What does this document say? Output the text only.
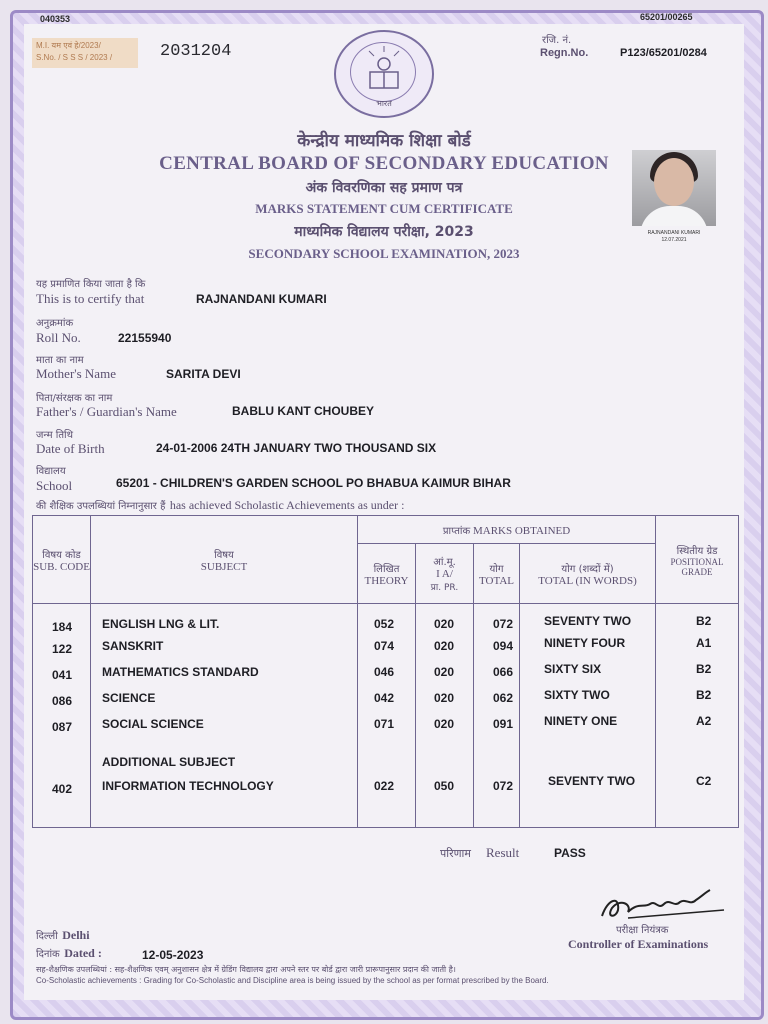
040353	65201/00265
M.I. यम एवं हे/2023/
S.No. / S S S / 2023 /	2031204
रजि. नं.
Regn.No.	P123/65201/0284
भारत
केन्द्रीय माध्यमिक शिक्षा बोर्ड
CENTRAL BOARD OF SECONDARY EDUCATION
अंक विवरणिका सह प्रमाण पत्र
MARKS STATEMENT CUM CERTIFICATE
माध्यमिक विद्यालय परीक्षा, 2023
SECONDARY SCHOOL EXAMINATION, 2023
RAJNANDANI KUMARI
12.07.2021
यह प्रमाणित किया जाता है कि
This is to certify that	RAJNANDANI KUMARI
अनुक्रमांक
Roll No.	22155940
माता का नाम
Mother's Name	SARITA DEVI
पिता/संरक्षक का नाम
Father's / Guardian's Name	BABLU KANT CHOUBEY
जन्म तिथि
Date of Birth	24-01-2006 24TH JANUARY TWO THOUSAND SIX
विद्यालय
School	65201 - CHILDREN'S GARDEN SCHOOL PO BHABUA KAIMUR BIHAR
की शैक्षिक उपलब्धियां निम्नानुसार हैं has achieved Scholastic Achievements as under :
विषय कोड
SUB. CODE	विषय
SUBJECT	प्राप्तांक MARKS OBTAINED				स्थितीय ग्रेड
POSITIONAL GRADE

		लिखित
THEORY	आं.मू.
I A/
प्रा. PR.	योग
TOTAL	योग (शब्दों में)
TOTAL (IN WORDS)	

184 ENGLISH LNG & LIT.	052	020	072	SEVENTY TWO	B2
122 SANSKRIT	074	020	094	NINETY FOUR	A1
041 MATHEMATICS STANDARD	046	020	066	SIXTY SIX	B2
086 SCIENCE	042	020	062	SIXTY TWO	B2
087 SOCIAL SCIENCE	071	020	091	NINETY ONE	A2
ADDITIONAL SUBJECT
402 INFORMATION TECHNOLOGY	022	050	072	SEVENTY TWO	C2
परिणाम Result	PASS
परीक्षा नियंत्रक
Controller of Examinations
दिल्ली Delhi
दिनांक Dated :	12-05-2023
सह-शैक्षणिक उपलब्धियां : सह-शैक्षणिक एवम् अनुशासन क्षेत्र में ग्रेडिंग विद्यालय द्वारा अपने स्तर पर बोर्ड द्वारा जारी प्रारूपानुसार प्रदान की जाती है।
Co-Scholastic achievements : Grading for Co-Scholastic and Discipline area is being issued by the school as per format prescribed by the Board.
